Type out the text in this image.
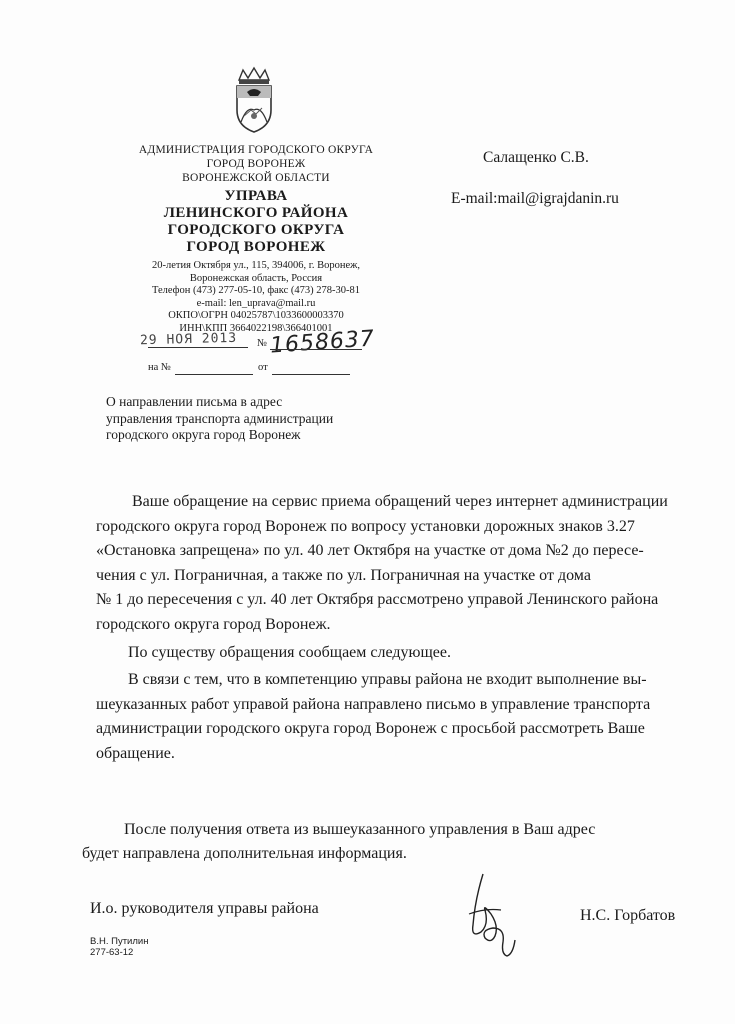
АДМИНИСТРАЦИЯ ГОРОДСКОГО ОКРУГА
ГОРОД ВОРОНЕЖ
ВОРОНЕЖСКОЙ ОБЛАСТИ
УПРАВА
ЛЕНИНСКОГО РАЙОНА
ГОРОДСКОГО ОКРУГА
ГОРОД ВОРОНЕЖ
20-летия Октября ул., 115, 394006, г. Воронеж,
Воронежская область, Россия
Телефон (473) 277-05-10, факс (473) 278-30-81
e-mail: len_uprava@mail.ru
ОКПО\ОГРН 04025787\1033600003370
ИНН\КПП 3664022198\366401001
29 НОЯ 2013 № 1658637
на №	от
Салащенко С.В.
E-mail:mail@igrajdanin.ru
О направлении письма в адрес
управления транспорта администрации
городского округа город Воронеж
Ваше обращение на сервис приема обращений через интернет администрации
городского округа город Воронеж по вопросу установки дорожных знаков 3.27
«Остановка запрещена» по ул. 40 лет Октября на участке от дома №2 до пересе-
чения с ул. Пограничная, а также по ул. Пограничная на участке от дома
№ 1 до пересечения с ул. 40 лет Октября рассмотрено управой Ленинского района
городского округа город Воронеж.
По существу обращения сообщаем следующее.
В связи с тем, что в компетенцию управы района не входит выполнение вы-
шеуказанных работ управой района направлено письмо в управление транспорта
администрации городского округа город Воронеж с просьбой рассмотреть Ваше
обращение.
После получения ответа из вышеуказанного управления в Ваш адрес
будет направлена дополнительная информация.
И.о. руководителя управы района	Н.С. Горбатов
В.Н. Путилин
277-63-12
